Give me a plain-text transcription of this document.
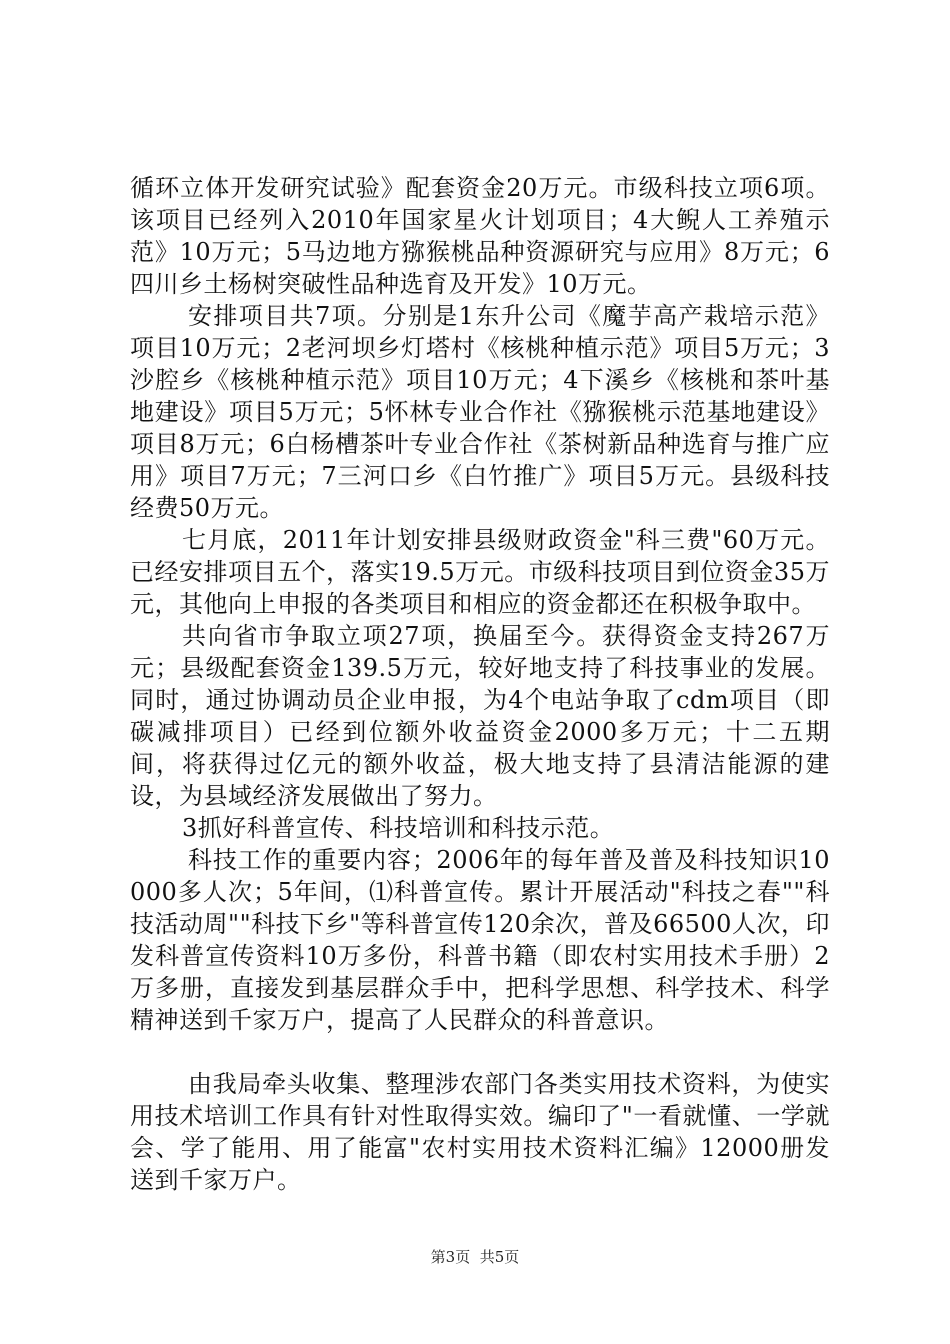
循环立体开发研究试验》配套资金20万元。市级科技立项6项。该项目已经列入2010年国家星火计划项目；4大鲵人工养殖示范》10万元；5马边地方猕猴桃品种资源研究与应用》8万元；6四川乡土杨树突破性品种选育及开发》10万元。

安排项目共7项。分别是1东升公司《魔芋高产栽培示范》项目10万元；2老河坝乡灯塔村《核桃种植示范》项目5万元；3沙腔乡《核桃种植示范》项目10万元；4下溪乡《核桃和茶叶基地建设》项目5万元；5怀林专业合作社《猕猴桃示范基地建设》项目8万元；6白杨槽茶叶专业合作社《茶树新品种选育与推广应用》项目7万元；7三河口乡《白竹推广》项目5万元。县级科技经费50万元。

七月底，2011年计划安排县级财政资金"科三费"60万元。已经安排项目五个，落实19.5万元。市级科技项目到位资金35万元，其他向上申报的各类项目和相应的资金都还在积极争取中。

共向省市争取立项27项，换届至今。获得资金支持267万元；县级配套资金139.5万元，较好地支持了科技事业的发展。同时，通过协调动员企业申报，为4个电站争取了cdm项目（即碳减排项目）已经到位额外收益资金2000多万元；十二五期间，将获得过亿元的额外收益，极大地支持了县清洁能源的建设，为县域经济发展做出了努力。

3抓好科普宣传、科技培训和科技示范。

科技工作的重要内容；2006年的每年普及普及科技知识10000多人次；5年间，⑴科普宣传。累计开展活动"科技之春""科技活动周""科技下乡"等科普宣传120余次，普及66500人次，印发科普宣传资料10万多份，科普书籍（即农村实用技术手册）2万多册，直接发到基层群众手中，把科学思想、科学技术、科学精神送到千家万户，提高了人民群众的科普意识。

由我局牵头收集、整理涉农部门各类实用技术资料，为使实用技术培训工作具有针对性取得实效。编印了"一看就懂、一学就会、学了能用、用了能富"农村实用技术资料汇编》12000册发送到千家万户。

第3页 共5页
